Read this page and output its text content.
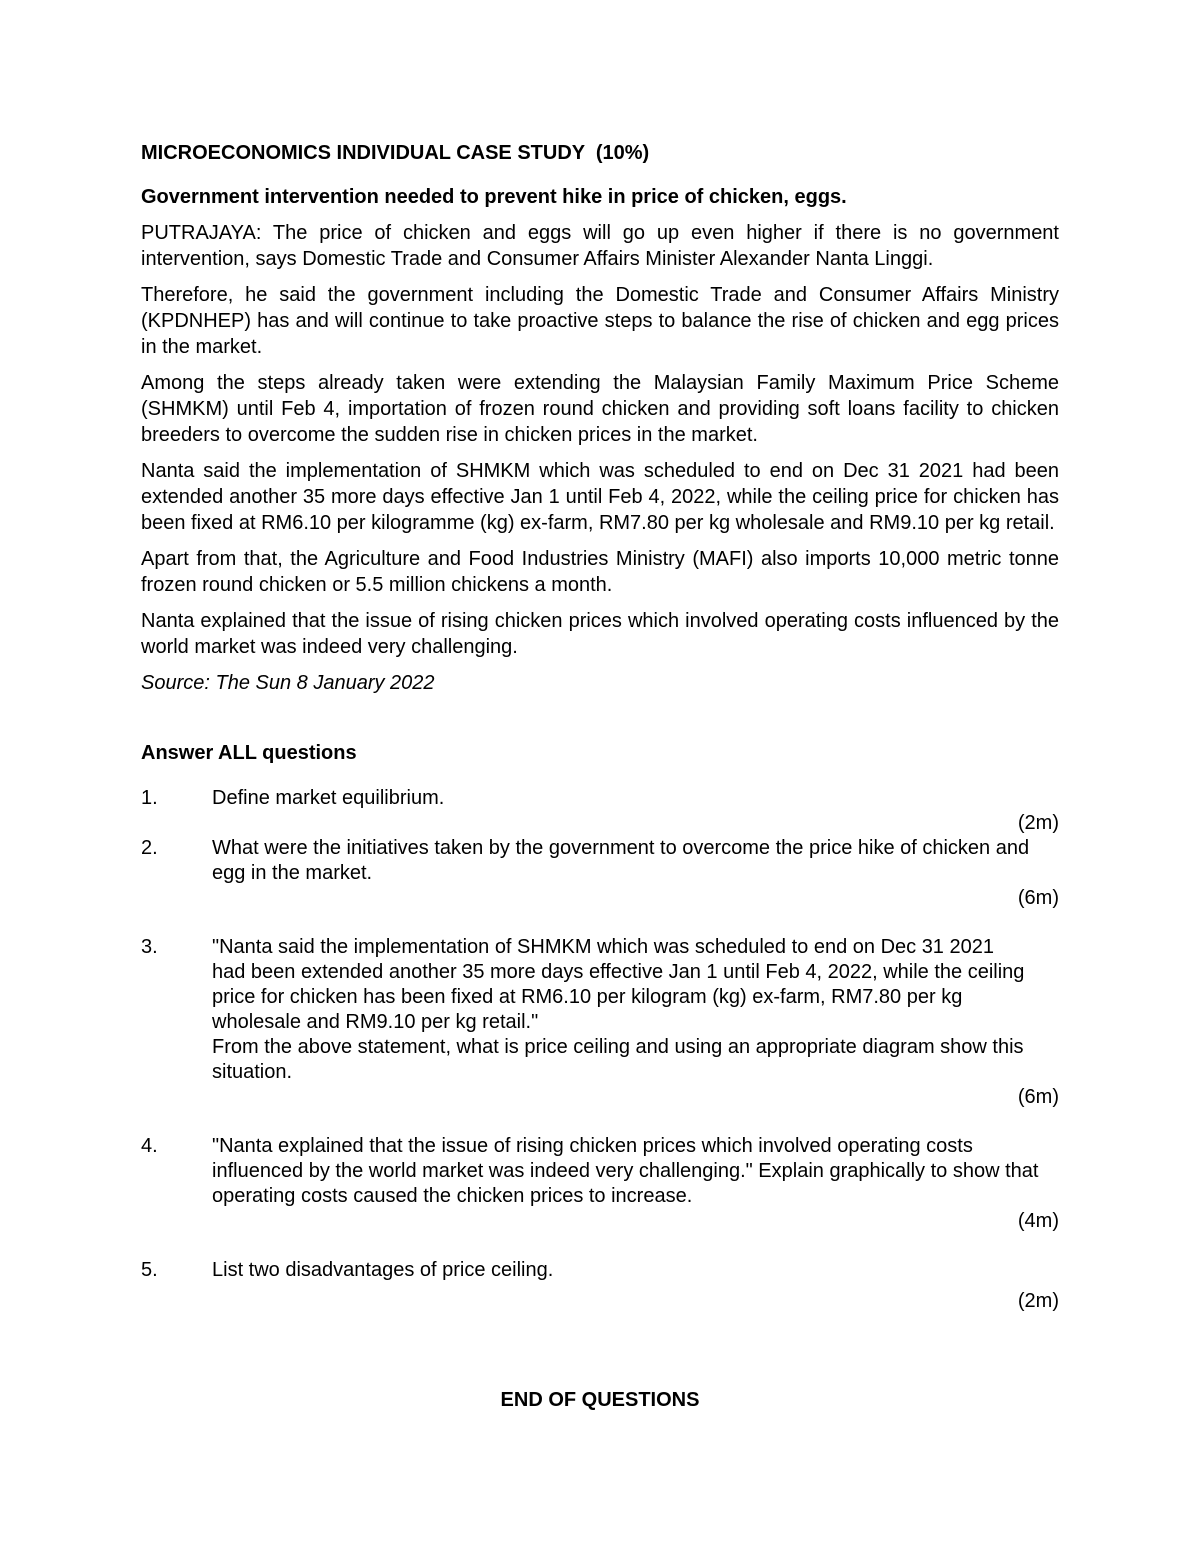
MICROECONOMICS INDIVIDUAL CASE STUDY  (10%)
Government intervention needed to prevent hike in price of chicken, eggs.

PUTRAJAYA: The price of chicken and eggs will go up even higher if there is no government intervention, says Domestic Trade and Consumer Affairs Minister Alexander Nanta Linggi.

Therefore, he said the government including the Domestic Trade and Consumer Affairs Ministry (KPDNHEP) has and will continue to take proactive steps to balance the rise of chicken and egg prices in the market.

Among the steps already taken were extending the Malaysian Family Maximum Price Scheme (SHMKM) until Feb 4, importation of frozen round chicken and providing soft loans facility to chicken breeders to overcome the sudden rise in chicken prices in the market.

Nanta said the implementation of SHMKM which was scheduled to end on Dec 31 2021 had been extended another 35 more days effective Jan 1 until Feb 4, 2022, while the ceiling price for chicken has been fixed at RM6.10 per kilogramme (kg) ex-farm, RM7.80 per kg wholesale and RM9.10 per kg retail.

Apart from that, the Agriculture and Food Industries Ministry (MAFI) also imports 10,000 metric tonne frozen round chicken or 5.5 million chickens a month.

Nanta explained that the issue of rising chicken prices which involved operating costs influenced by the world market was indeed very challenging.

Source: The Sun 8 January 2022

Answer ALL questions
1.	Define market equilibrium.
(2m)
2.	What were the initiatives taken by the government to overcome the price hike of chicken and egg in the market.
(6m)
3.	"Nanta said the implementation of SHMKM which was scheduled to end on Dec 31 2021 had been extended another 35 more days effective Jan 1 until Feb 4, 2022, while the ceiling price for chicken has been fixed at RM6.10 per kilogram (kg) ex-farm, RM7.80 per kg wholesale and RM9.10 per kg retail."
From the above statement, what is price ceiling and using an appropriate diagram show this situation.
(6m)
4.	"Nanta explained that the issue of rising chicken prices which involved operating costs influenced by the world market was indeed very challenging." Explain graphically to show that operating costs caused the chicken prices to increase.
(4m)
5.	List two disadvantages of price ceiling.
(2m)
END OF QUESTIONS
